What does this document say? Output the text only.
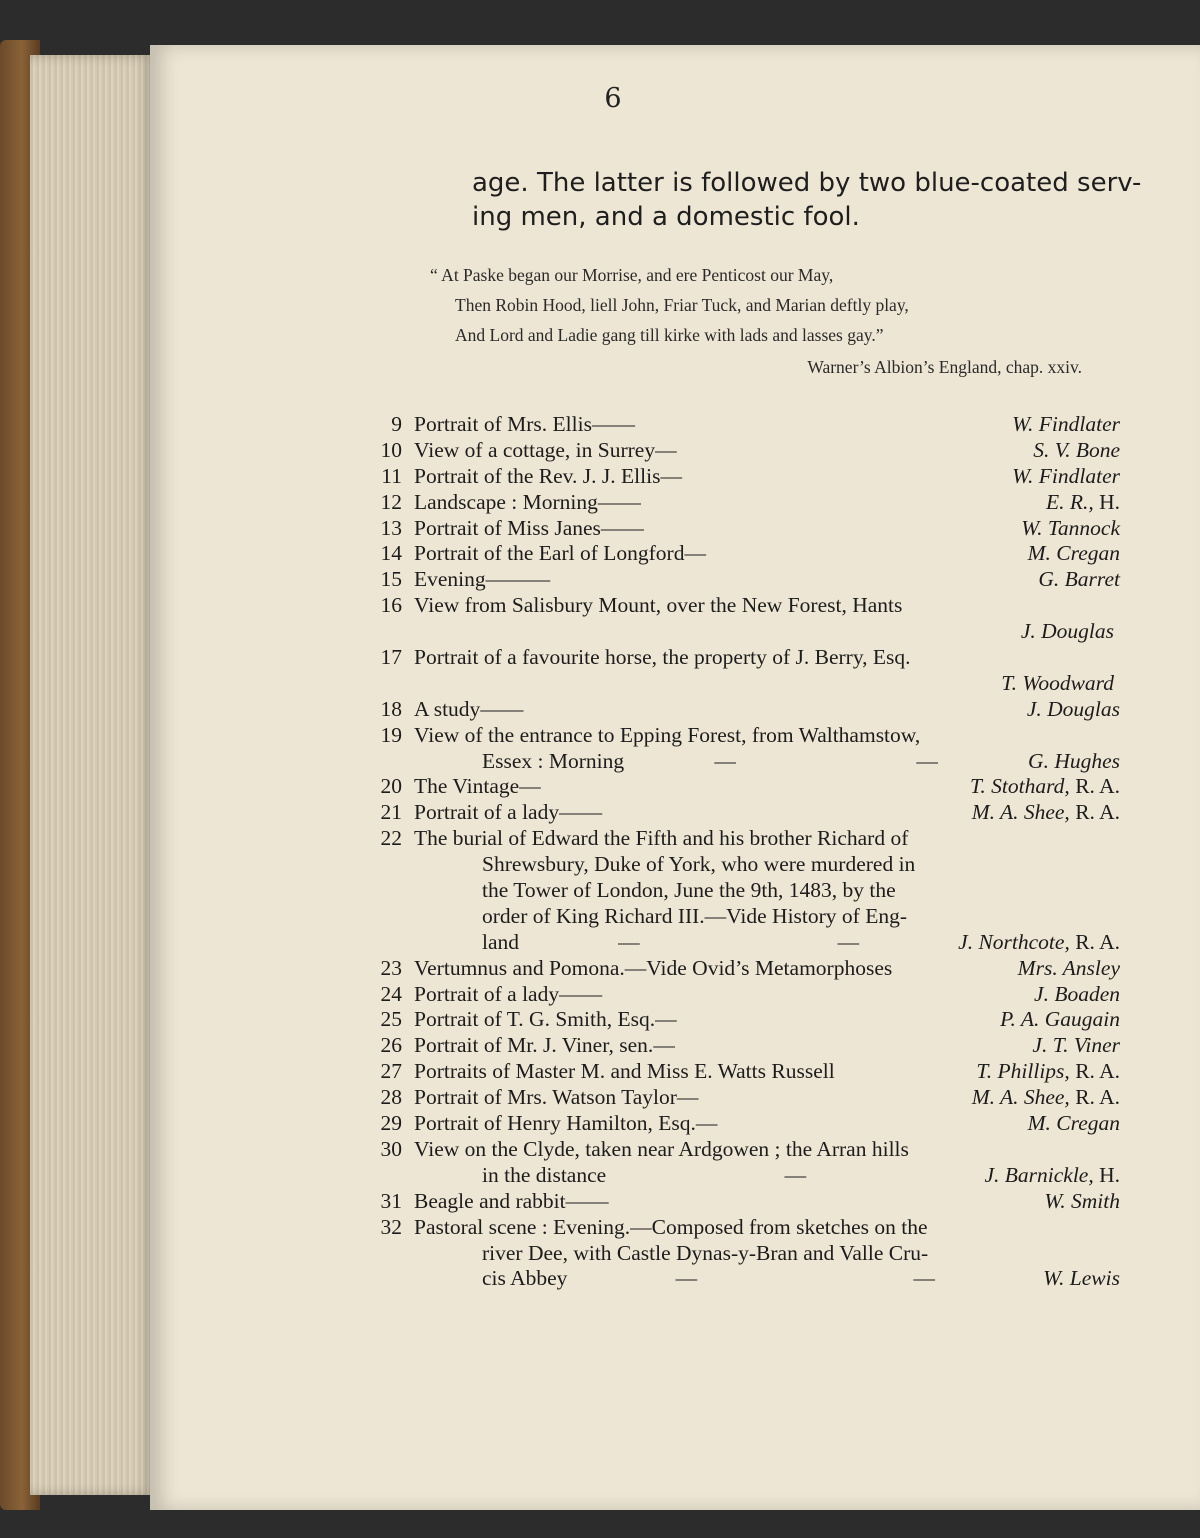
6
age. The latter is followed by two blue-coated serv-
ing men, and a domestic fool.
“ At Paske began our Morrise, and ere Penticost our May,
Then Robin Hood, liell John, Friar Tuck, and Marian deftly play,
And Lord and Ladie gang till kirke with lads and lasses gay.”
Warner’s Albion’s England, chap. xxiv.
9 Portrait of Mrs. Ellis — —	W. Findlater
10 View of a cottage, in Surrey —	S. V. Bone
11 Portrait of the Rev. J. J. Ellis —	W. Findlater
12 Landscape : Morning — —	E. R., H.
13 Portrait of Miss Janes — —	W. Tannock
14 Portrait of the Earl of Longford —	M. Cregan
15 Evening — — —	G. Barret
16 View from Salisbury Mount, over the New Forest, Hants
J. Douglas
17 Portrait of a favourite horse, the property of J. Berry, Esq.
T. Woodward
18 A study — —	J. Douglas
19 View of the entrance to Epping Forest, from Walthamstow,
Essex : Morning	—	—	G. Hughes
20 The Vintage —	T. Stothard, R. A.
21 Portrait of a lady — —	M. A. Shee, R. A.
22 The burial of Edward the Fifth and his brother Richard of
Shrewsbury, Duke of York, who were murdered in
the Tower of London, June the 9th, 1483, by the
order of King Richard III.—Vide History of Eng-
land	—	—	J. Northcote, R. A.
23 Vertumnus and Pomona.—Vide Ovid’s Metamorphoses	Mrs. Ansley
24 Portrait of a lady — —	J. Boaden
25 Portrait of T. G. Smith, Esq. —	P. A. Gaugain
26 Portrait of Mr. J. Viner, sen. —	J. T. Viner
27 Portraits of Master M. and Miss E. Watts Russell	T. Phillips, R. A.
28 Portrait of Mrs. Watson Taylor —	M. A. Shee, R. A.
29 Portrait of Henry Hamilton, Esq. —	M. Cregan
30 View on the Clyde, taken near Ardgowen ; the Arran hills
in the distance	—	J. Barnickle, H.
31 Beagle and rabbit — —	W. Smith
32 Pastoral scene : Evening.—Composed from sketches on the
river Dee, with Castle Dynas-y-Bran and Valle Cru-
cis Abbey	—	—	W. Lewis
